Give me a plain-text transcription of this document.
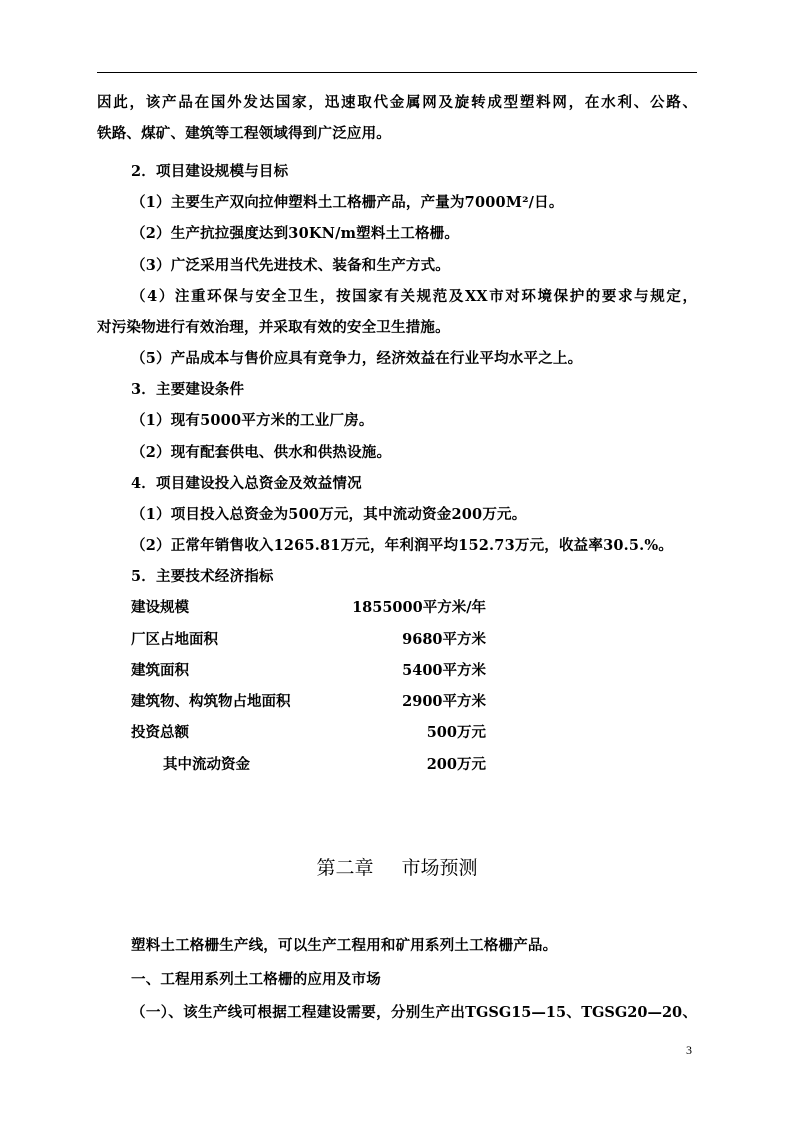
因此，该产品在国外发达国家，迅速取代金属网及旋转成型塑料网，在水利、公路、
铁路、煤矿、建筑等工程领域得到广泛应用。
2．项目建设规模与目标
（1）主要生产双向拉伸塑料土工格栅产品，产量为7000M²/日。
（2）生产抗拉强度达到30KN/m塑料土工格栅。
（3）广泛采用当代先进技术、装备和生产方式。
（4）注重环保与安全卫生，按国家有关规范及XX市对环境保护的要求与规定，
对污染物进行有效治理，并采取有效的安全卫生措施。
（5）产品成本与售价应具有竞争力，经济效益在行业平均水平之上。
3．主要建设条件
（1）现有5000平方米的工业厂房。
（2）现有配套供电、供水和供热设施。
4．项目建设投入总资金及效益情况
（1）项目投入总资金为500万元，其中流动资金200万元。
（2）正常年销售收入1265.81万元，年利润平均152.73万元，收益率30.5.%。
5．主要技术经济指标
建设规模	1855000平方米/年
厂区占地面积	9680平方米
建筑面积	5400平方米
建筑物、构筑物占地面积	2900平方米
投资总额	500万元
其中流动资金	200万元
第二章 市场预测
塑料土工格栅生产线，可以生产工程用和矿用系列土工格栅产品。
一、工程用系列土工格栅的应用及市场
（一）、该生产线可根据工程建设需要，分别生产出TGSG15—15、TGSG20—20、
3
